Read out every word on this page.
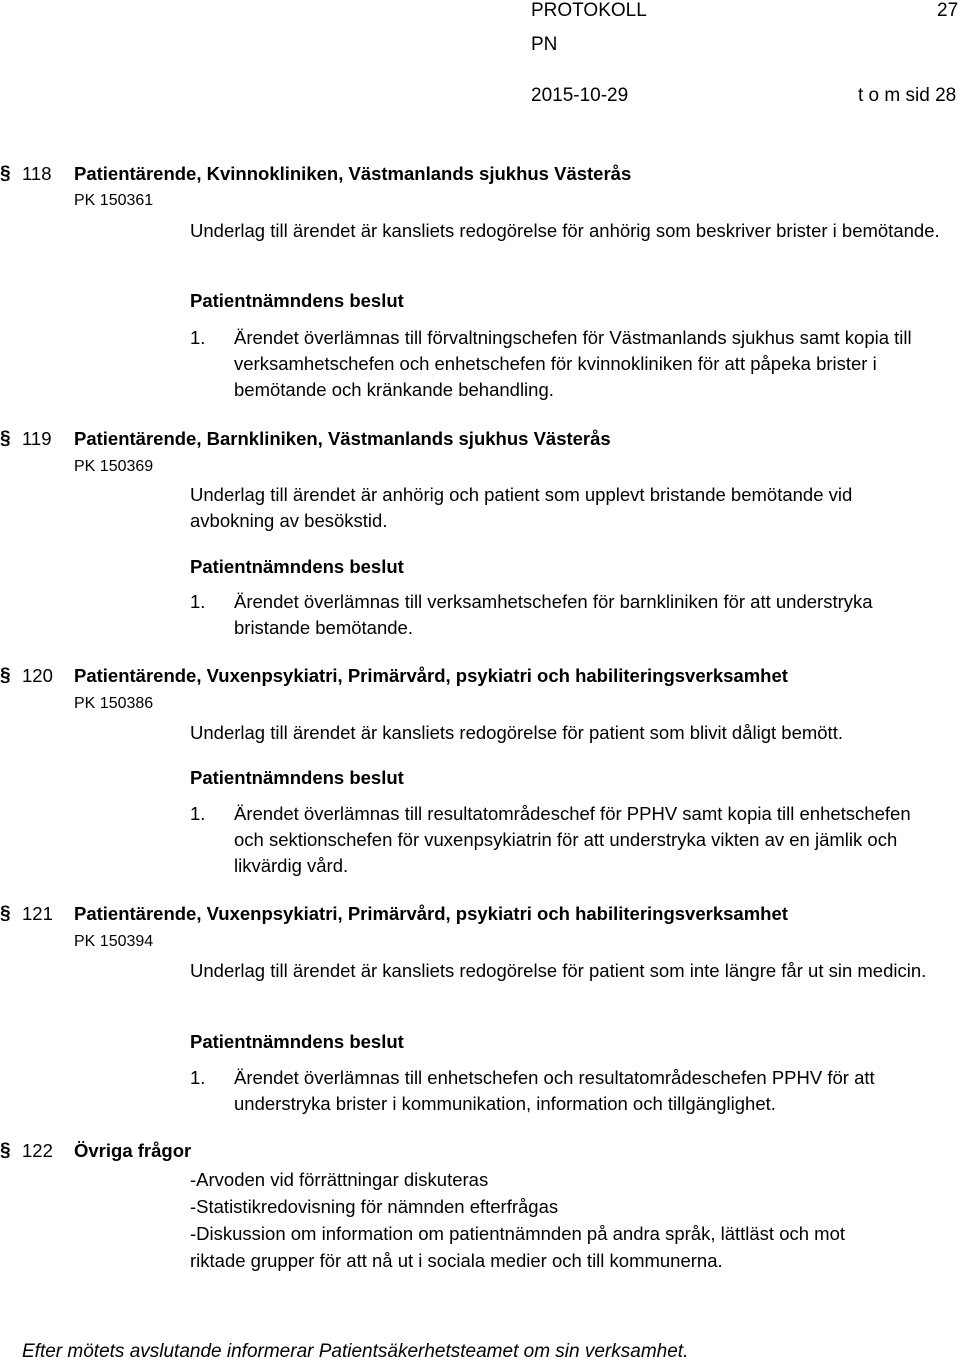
PROTOKOLL	27
PN
2015-10-29	t o m sid 28
§ 118 Patientärende, Kvinnokliniken, Västmanlands sjukhus Västerås
PK 150361
Underlag till ärendet är kansliets redogörelse för anhörig som beskriver brister i bemötande.
Patientnämndens beslut
1. Ärendet överlämnas till förvaltningschefen för Västmanlands sjukhus samt kopia till verksamhetschefen och enhetschefen för kvinnokliniken för att påpeka brister i bemötande och kränkande behandling.
§ 119 Patientärende, Barnkliniken, Västmanlands sjukhus Västerås
PK 150369
Underlag till ärendet är anhörig och patient som upplevt bristande bemötande vid avbokning av besökstid.
Patientnämndens beslut
1. Ärendet överlämnas till verksamhetschefen för barnkliniken för att understryka bristande bemötande.
§ 120 Patientärende, Vuxenpsykiatri, Primärvård, psykiatri och habiliteringsverksamhet
PK 150386
Underlag till ärendet är kansliets redogörelse för patient som blivit dåligt bemött.
Patientnämndens beslut
1. Ärendet överlämnas till resultatområdeschef för PPHV samt kopia till enhetschefen och sektionschefen för vuxenpsykiatrin för att understryka vikten av en jämlik och likvärdig vård.
§ 121 Patientärende, Vuxenpsykiatri, Primärvård, psykiatri och habiliteringsverksamhet
PK 150394
Underlag till ärendet är kansliets redogörelse för patient som inte längre får ut sin medicin.
Patientnämndens beslut
1. Ärendet överlämnas till enhetschefen och resultatområdeschefen PPHV för att understryka brister i kommunikation, information och tillgänglighet.
§ 122 Övriga frågor
-Arvoden vid förrättningar diskuteras
-Statistikredovisning för nämnden efterfrågas
-Diskussion om information om patientnämnden på andra språk, lättläst och mot
riktade grupper för att nå ut i sociala medier och till kommunerna.
Efter mötets avslutande informerar Patientsäkerhetsteamet om sin verksamhet.
